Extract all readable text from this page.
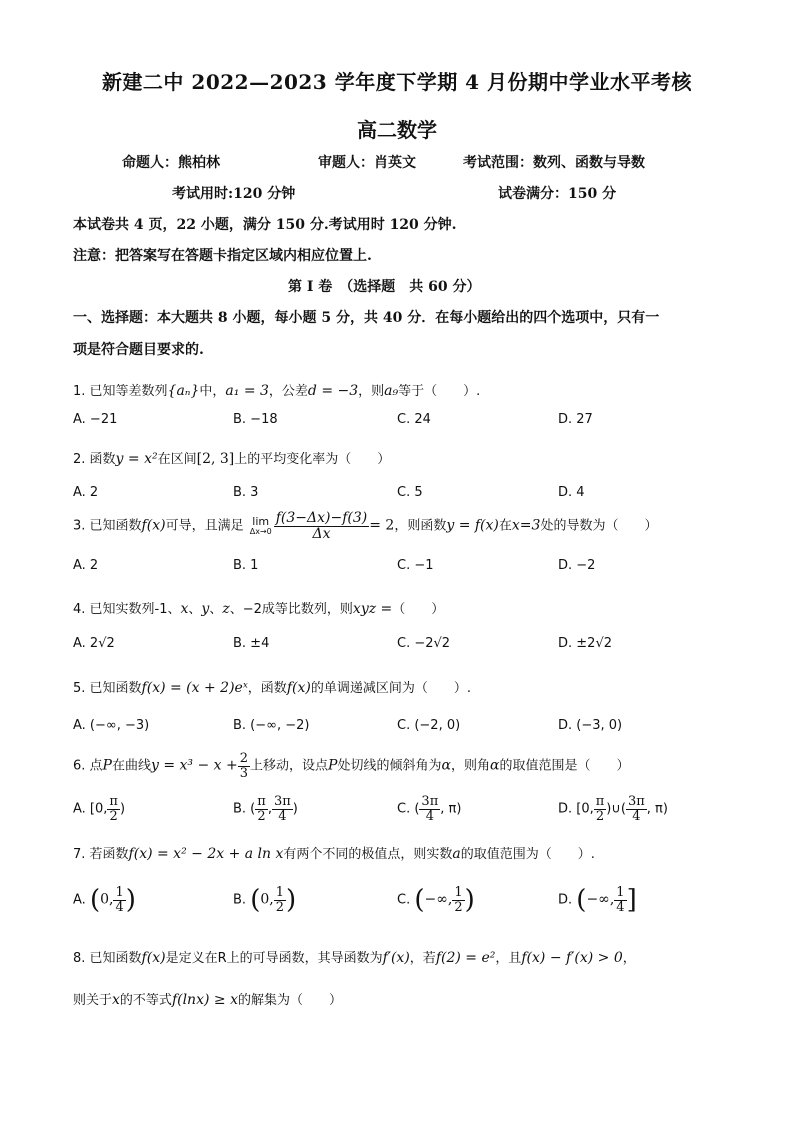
新建二中 2022—2023 学年度下学期 4 月份期中学业水平考核
高二数学
命题人：熊柏林	审题人：肖英文	考试范围：数列、函数与导数
考试用时:120 分钟	试卷满分：150 分
本试卷共 4 页，22 小题，满分 150 分.考试用时 120 分钟.
注意：把答案写在答题卡指定区域内相应位置上.
第 I 卷　（选择题　共 60 分）
一、选择题：本大题共 8 小题，每小题 5 分，共 40 分．在每小题给出的四个选项中，只有一
项是符合题目要求的.
1. 已知等差数列{aₙ}中，a₁ = 3，公差d = −3，则a₉等于（　　）.
A. −21	B. −18	C. 24	D. 27
2. 函数y = x²在区间[2, 3]上的平均变化率为（　　）
A. 2	B. 3	C. 5	D. 4
3. 已知函数f(x)可导，且满足 lim
$\Delta x\to 0 \frac{f(3-\Delta x)-f(3)}{\Delta x} = 2$，则函数y = f(x)在x=3处的导数为（　　）
A. 2	B. 1	C. −1	D. −2
4. 已知实数列-1、x、y、z、−2成等比数列，则xyz =（　　）
A. 2√2	B. ±4	C. −2√2	D. ±2√2
5. 已知函数f(x) = (x + 2)eˣ，函数f(x)的单调递减区间为（　　）.
A. (−∞, −3)	B. (−∞, −2)	C. (−2, 0)	D. (−3, 0)
6. 点P在曲线$y = x^3 - x + \frac{2}{3}$ 上移动，设点P处切线的倾斜角为α，则角α的取值范围是（　　）
A. [0, $\frac{\pi}{2}$ )	B. ( $\frac{\pi}{2}$ , $\frac{3\pi}{4}$ )	C. ( $\frac{3\pi}{4}$ , π)	D. [0, $\frac{\pi}{2}$ )∪( $\frac{3\pi}{4}$ , π)
7. 若函数f(x) = x² − 2x + a ln x有两个不同的极值点，则实数a的取值范围为（　　）.
A. (0, $\frac{1}{4}$ )	B. (0, $\frac{1}{2}$ )	C. (−∞, $\frac{1}{2}$ )	D. (−∞, $\frac{1}{4}$ ]
8. 已知函数f(x)是定义在R上的可导函数，其导函数为f′(x)，若f(2) = e²，且f(x) − f′(x) > 0，
则关于x的不等式f(lnx) ≥ x的解集为（　　）
